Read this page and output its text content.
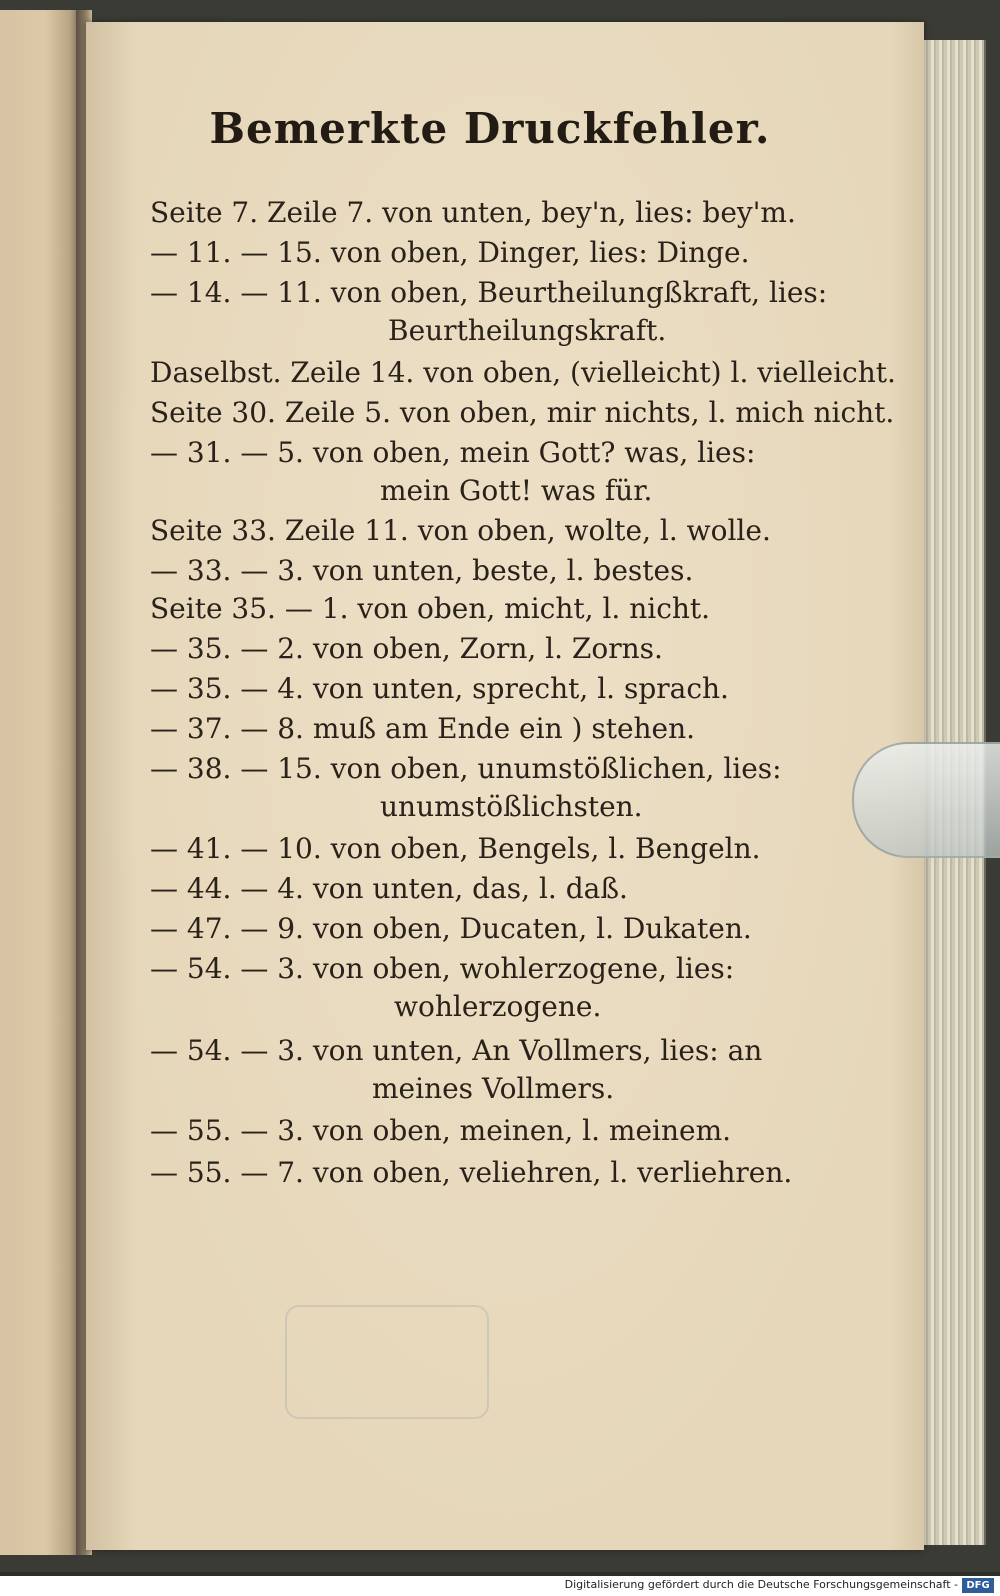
Bemerkte Druckfehler.

Seite 7. Zeile 7. von unten, bey'n, lies: bey'm.

— 11. — 15. von oben, Dinger, lies: Dinge.

— 14. — 11. von oben, Beurtheilungßkraft, lies:

Beurtheilungskraft.

Daselbst. Zeile 14. von oben, (vielleicht) l. vielleicht.

Seite 30. Zeile 5. von oben, mir nichts, l. mich nicht.

— 31. — 5. von oben, mein Gott? was, lies:

mein Gott! was für.

Seite 33. Zeile 11. von oben, wolte, l. wolle.

— 33. — 3. von unten, beste, l. bestes.

Seite 35. — 1. von oben, micht, l. nicht.

— 35. — 2. von oben, Zorn, l. Zorns.

— 35. — 4. von unten, sprecht, l. sprach.

— 37. — 8. muß am Ende ein ) stehen.

— 38. — 15. von oben, unumstößlichen, lies:

unumstößlichsten.

— 41. — 10. von oben, Bengels, l. Bengeln.

— 44. — 4. von unten, das, l. daß.

— 47. — 9. von oben, Ducaten, l. Dukaten.

— 54. — 3. von oben, wohlerzogene, lies:

wohlerzogene.

— 54. — 3. von unten, An Vollmers, lies: an

meines Vollmers.

— 55. — 3. von oben, meinen, l. meinem.

— 55. — 7. von oben, veliehren, l. verliehren.

Digitalisierung gefördert durch die Deutsche Forschungsgemeinschaft - DFG
